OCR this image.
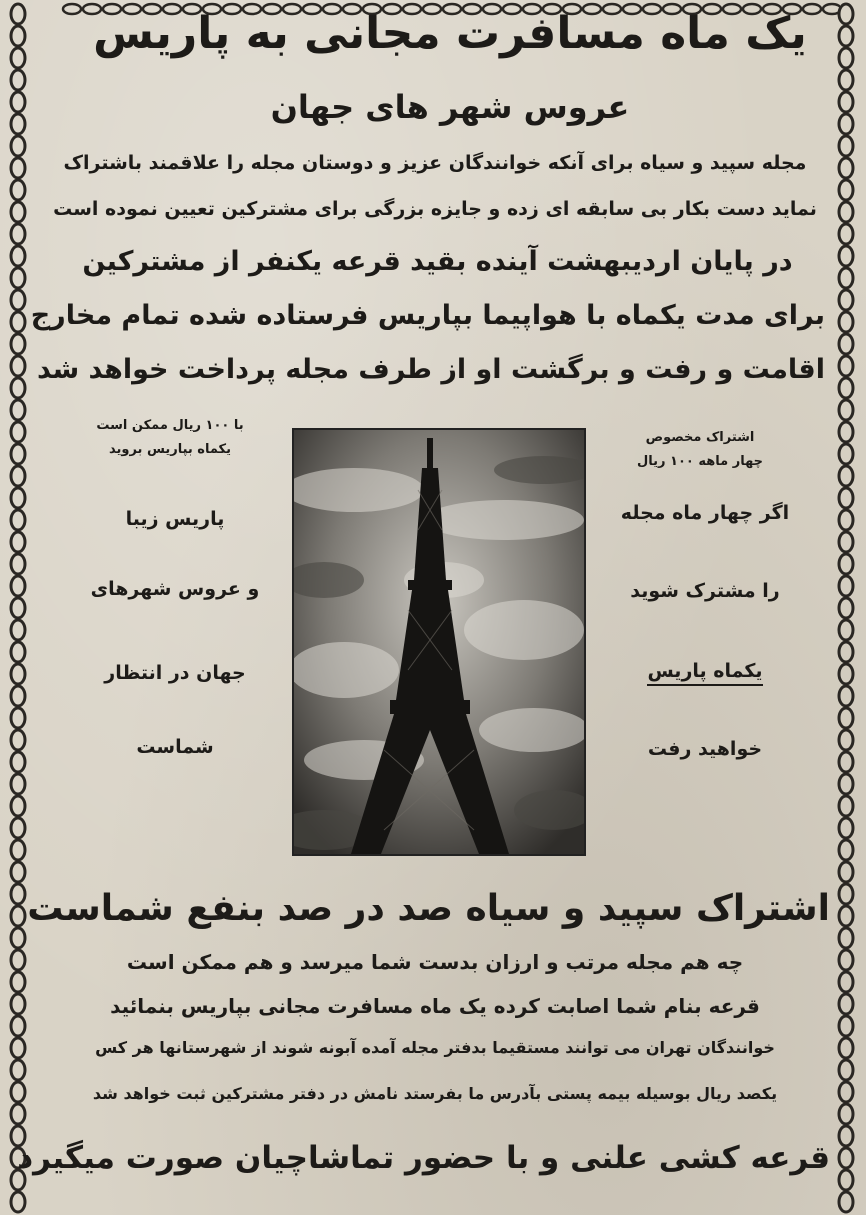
یک ماه مسافرت مجانی به پاریس
عروس شهر های جهان
مجله سپید و سیاه برای آنکه خوانندگان عزیز و دوستان مجله را علاقمند باشتراک
نماید دست بکار بی سابقه ای زده و جایزه بزرگی برای مشترکین تعیین نموده است
در پایان اردیبهشت آینده بقید قرعه یکنفر از مشترکین
برای مدت یکماه با هواپیما بپاریس فرستاده شده تمام مخارج
اقامت و رفت و برگشت او از طرف مجله پرداخت خواهد شد
با ۱۰۰ ریال ممکن است
یکماه بپاریس بروید
پاریس زیبا
و عروس شهرهای
جهان در انتظار
شماست
اشتراک مخصوص
چهار ماهه ۱۰۰ ریال
اگر چهار ماه مجله
را مشترک شوید
یکماه پاریس
خواهید رفت
اشتراک سپید و سیاه صد در صد بنفع شماست
چه هم مجله مرتب و ارزان بدست شما میرسد و هم ممکن است
قرعه بنام شما اصابت کرده یک ماه مسافرت مجانی بپاریس بنمائید
خوانندگان تهران می توانند مستقیما بدفتر مجله آمده آبونه شوند از شهرستانها هر کس
یکصد ریال بوسیله بیمه پستی بآدرس ما بفرستد نامش در دفتر مشترکین ثبت خواهد شد
قرعه کشی علنی و با حضور تماشاچیان صورت میگیرد
